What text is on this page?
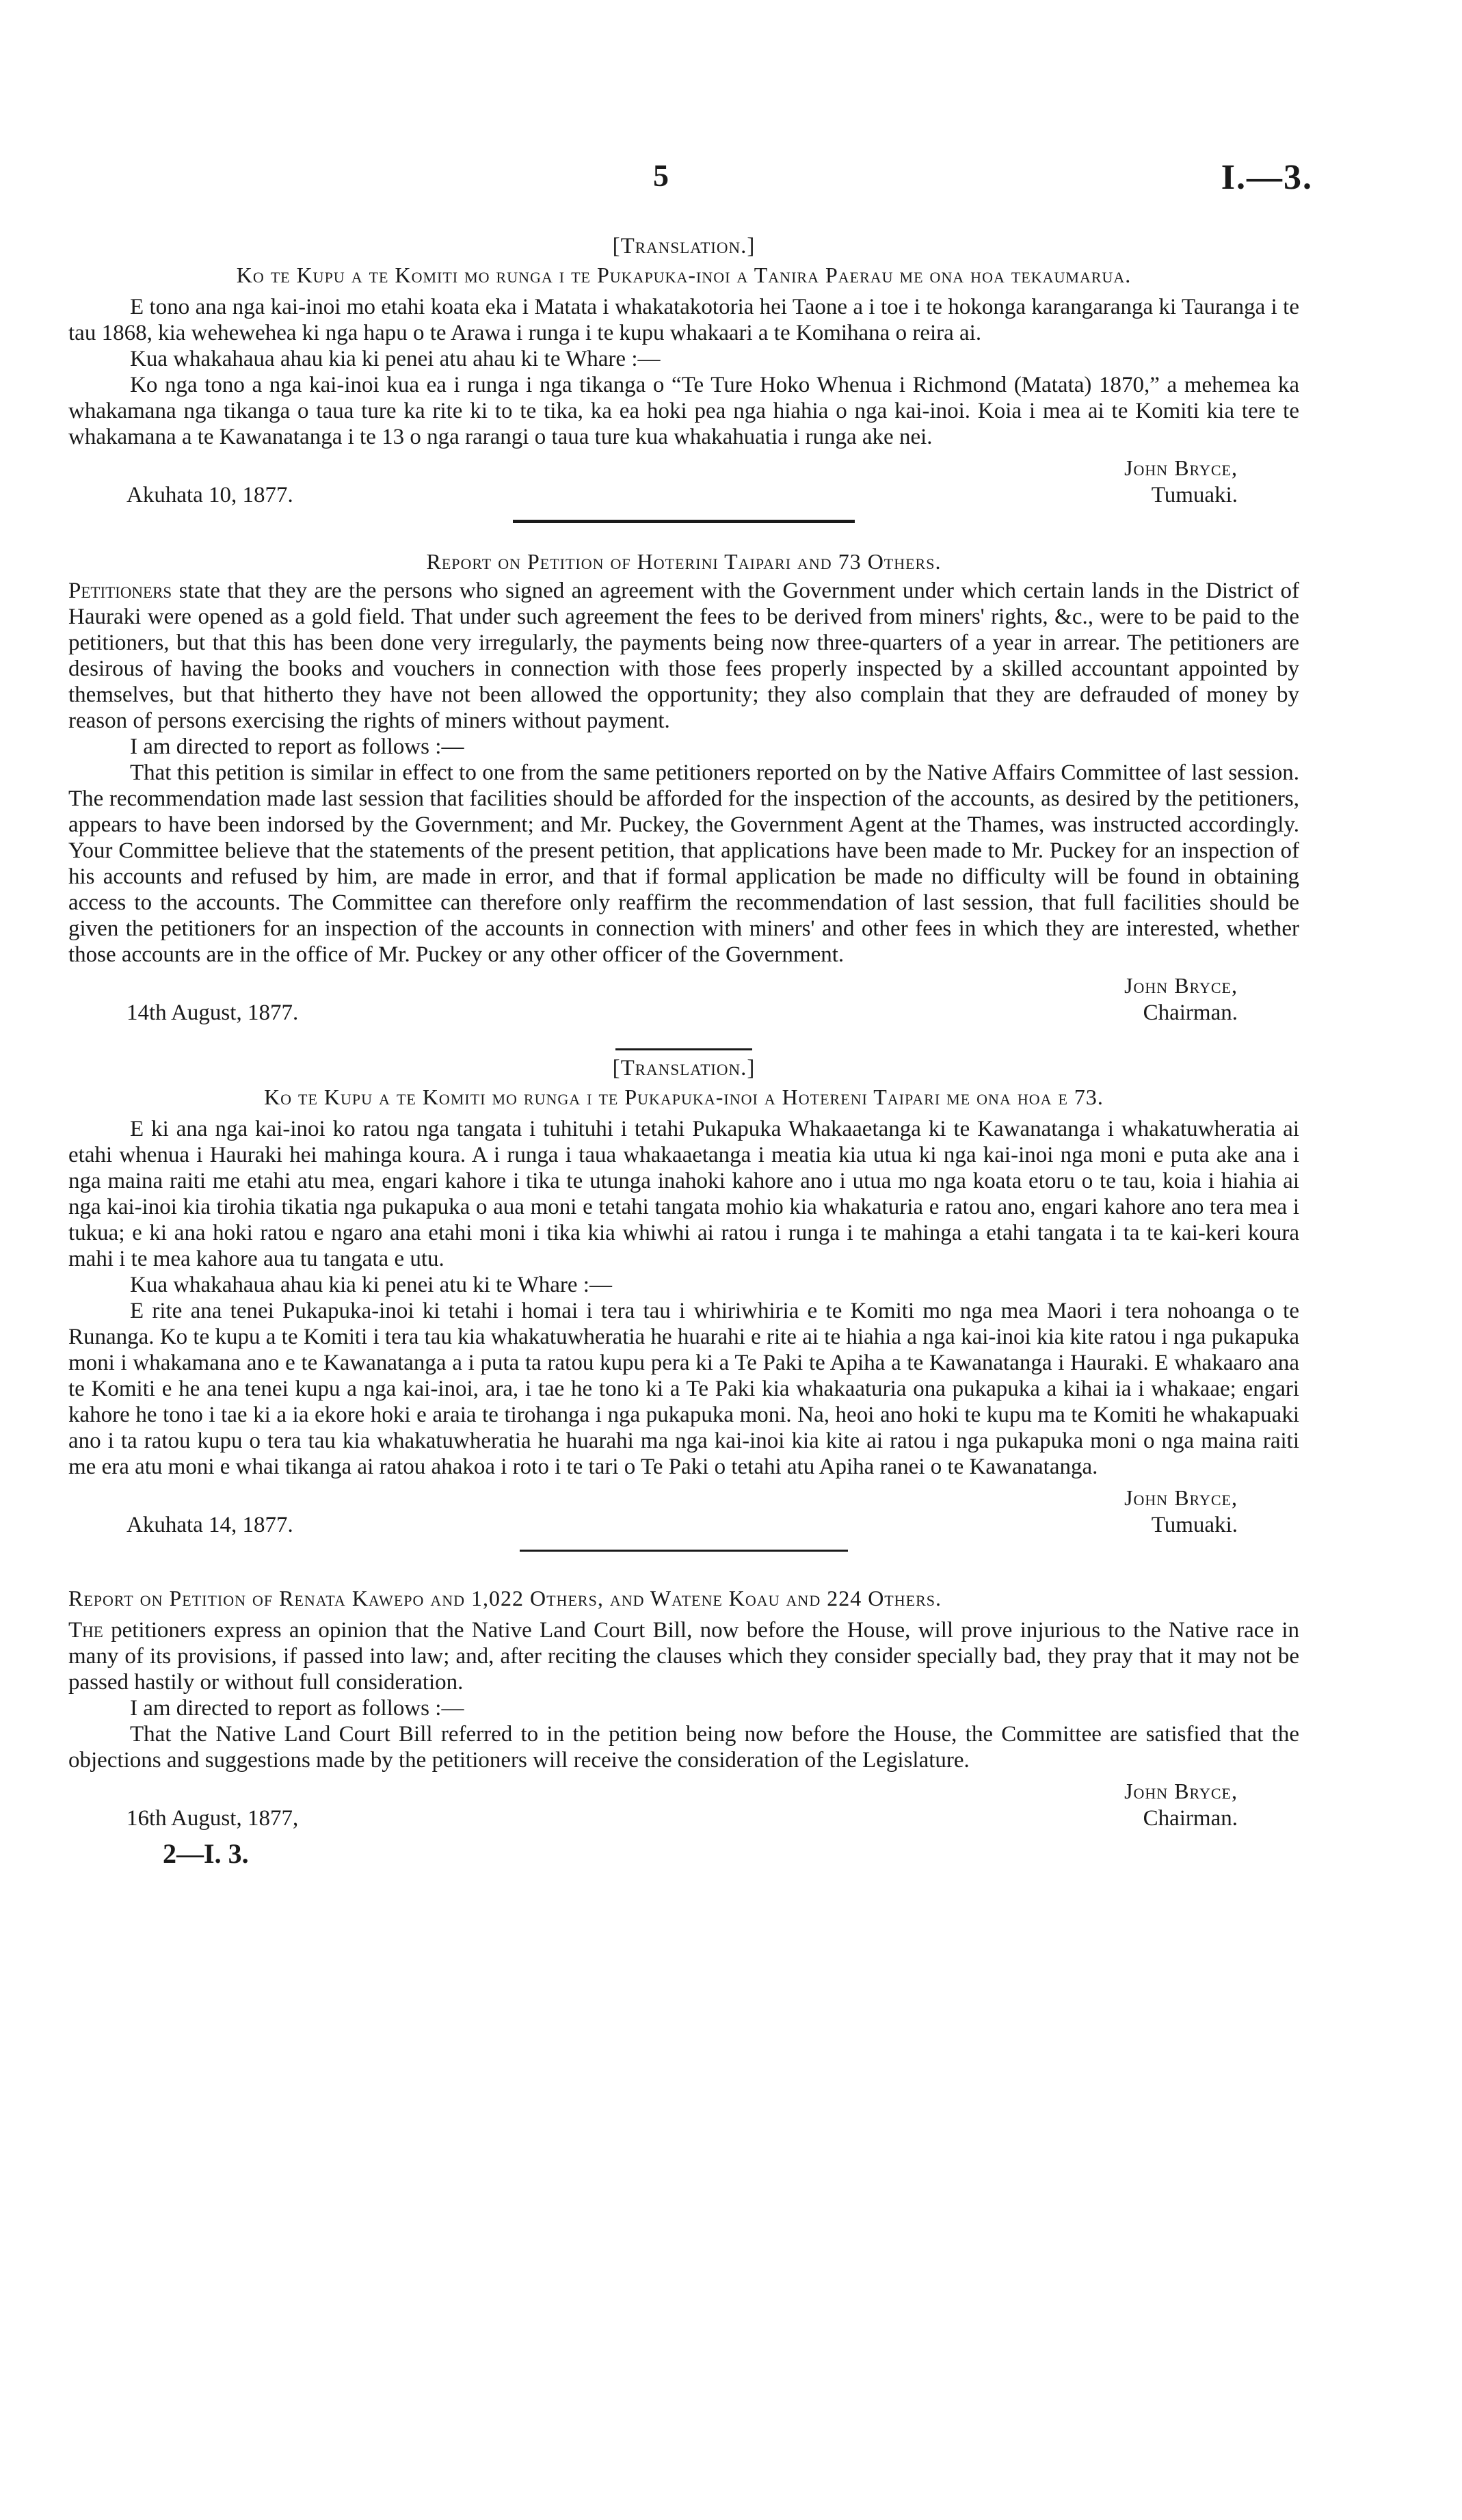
5	I.—3.

[Translation.]

Ko te Kupu a te Komiti mo runga i te Pukapuka-inoi a Tanira Paerau me ona hoa tekaumarua.

E tono ana nga kai-inoi mo etahi koata eka i Matata i whakatakotoria hei Taone a i toe i te hokonga karangaranga ki Tauranga i te tau 1868, kia wehewehea ki nga hapu o te Arawa i runga i te kupu whakaari a te Komihana o reira ai.

Kua whakahaua ahau kia ki penei atu ahau ki te Whare :—

Ko nga tono a nga kai-inoi kua ea i runga i nga tikanga o “Te Ture Hoko Whenua i Richmond (Matata) 1870,” a mehemea ka whakamana nga tikanga o taua ture ka rite ki to te tika, ka ea hoki pea nga hiahia o nga kai-inoi. Koia i mea ai te Komiti kia tere te whakamana a te Kawanatanga i te 13 o nga rarangi o taua ture kua whakahuatia i runga ake nei.

John Bryce,
Akuhata 10, 1877.	Tumuaki.
Report on Petition of Hoterini Taipari and 73 Others.

Petitioners state that they are the persons who signed an agreement with the Government under which certain lands in the District of Hauraki were opened as a gold field. That under such agreement the fees to be derived from miners' rights, &c., were to be paid to the petitioners, but that this has been done very irregularly, the payments being now three-quarters of a year in arrear. The petitioners are desirous of having the books and vouchers in connection with those fees properly inspected by a skilled accountant appointed by themselves, but that hitherto they have not been allowed the opportunity; they also complain that they are defrauded of money by reason of persons exercising the rights of miners without payment.

I am directed to report as follows :—

That this petition is similar in effect to one from the same petitioners reported on by the Native Affairs Committee of last session. The recommendation made last session that facilities should be afforded for the inspection of the accounts, as desired by the petitioners, appears to have been indorsed by the Government; and Mr. Puckey, the Government Agent at the Thames, was instructed accordingly. Your Committee believe that the statements of the present petition, that applications have been made to Mr. Puckey for an inspection of his accounts and refused by him, are made in error, and that if formal application be made no difficulty will be found in obtaining access to the accounts. The Committee can therefore only reaffirm the recommendation of last session, that full facilities should be given the petitioners for an inspection of the accounts in connection with miners' and other fees in which they are interested, whether those accounts are in the office of Mr. Puckey or any other officer of the Government.

John Bryce,
14th August, 1877.	Chairman.

[Translation.]

Ko te Kupu a te Komiti mo runga i te Pukapuka-inoi a Hotereni Taipari me ona hoa e 73.

E ki ana nga kai-inoi ko ratou nga tangata i tuhituhi i tetahi Pukapuka Whakaaetanga ki te Kawanatanga i whakatuwheratia ai etahi whenua i Hauraki hei mahinga koura. A i runga i taua whakaaetanga i meatia kia utua ki nga kai-inoi nga moni e puta ake ana i nga maina raiti me etahi atu mea, engari kahore i tika te utunga inahoki kahore ano i utua mo nga koata etoru o te tau, koia i hiahia ai nga kai-inoi kia tirohia tikatia nga pukapuka o aua moni e tetahi tangata mohio kia whakaturia e ratou ano, engari kahore ano tera mea i tukua; e ki ana hoki ratou e ngaro ana etahi moni i tika kia whiwhi ai ratou i runga i te mahinga a etahi tangata i ta te kai-keri koura mahi i te mea kahore aua tu tangata e utu.

Kua whakahaua ahau kia ki penei atu ki te Whare :—

E rite ana tenei Pukapuka-inoi ki tetahi i homai i tera tau i whiriwhiria e te Komiti mo nga mea Maori i tera nohoanga o te Runanga. Ko te kupu a te Komiti i tera tau kia whakatuwheratia he huarahi e rite ai te hiahia a nga kai-inoi kia kite ratou i nga pukapuka moni i whakamana ano e te Kawanatanga a i puta ta ratou kupu pera ki a Te Paki te Apiha a te Kawanatanga i Hauraki. E whakaaro ana te Komiti e he ana tenei kupu a nga kai-inoi, ara, i tae he tono ki a Te Paki kia whakaaturia ona pukapuka a kihai ia i whakaae; engari kahore he tono i tae ki a ia ekore hoki e araia te tirohanga i nga pukapuka moni. Na, heoi ano hoki te kupu ma te Komiti he whakapuaki ano i ta ratou kupu o tera tau kia whakatuwheratia he huarahi ma nga kai-inoi kia kite ai ratou i nga pukapuka moni o nga maina raiti me era atu moni e whai tikanga ai ratou ahakoa i roto i te tari o Te Paki o tetahi atu Apiha ranei o te Kawanatanga.

John Bryce,
Akuhata 14, 1877.	Tumuaki.
Report on Petition of Renata Kawepo and 1,022 Others, and Watene Koau and 224 Others.

The petitioners express an opinion that the Native Land Court Bill, now before the House, will prove injurious to the Native race in many of its provisions, if passed into law; and, after reciting the clauses which they consider specially bad, they pray that it may not be passed hastily or without full consideration.

I am directed to report as follows :—

That the Native Land Court Bill referred to in the petition being now before the House, the Committee are satisfied that the objections and suggestions made by the petitioners will receive the consideration of the Legislature.

John Bryce,
16th August, 1877,	Chairman.
2—I. 3.
